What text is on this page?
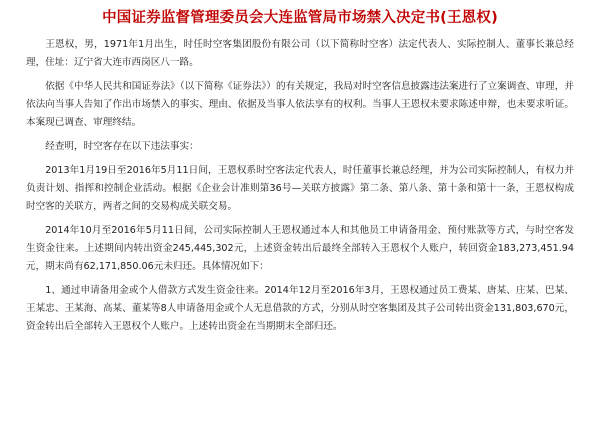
中国证券监督管理委员会大连监管局市场禁入决定书(王恩权)

王恩权，男，1971年1月出生，时任时空客集团股份有限公司（以下简称时空客）法定代表人、实际控制人、董事长兼总经理，住址：辽宁省大连市西岗区八一路。

依据《中华人民共和国证券法》（以下简称《证券法》）的有关规定，我局对时空客信息披露违法案进行了立案调查、审理，并依法向当事人告知了作出市场禁入的事实、理由、依据及当事人依法享有的权利。当事人王恩权未要求陈述申辩，也未要求听证。本案现已调查、审理终结。

经查明，时空客存在以下违法事实：

2013年1月19日至2016年5月11日间，王恩权系时空客法定代表人，时任董事长兼总经理，并为公司实际控制人，有权力并负责计划、指挥和控制企业活动。根据《企业会计准则第36号—关联方披露》第二条、第八条、第十条和第十一条，王恩权构成时空客的关联方，两者之间的交易构成关联交易。

2014年10月至2016年5月11日间，公司实际控制人王恩权通过本人和其他员工申请备用金、预付账款等方式，与时空客发生资金往来。上述期间内转出资金245,445,302元，上述资金转出后最终全部转入王恩权个人账户，转回资金183,273,451.94元，期末尚有62,171,850.06元未归还。具体情况如下：

1、通过申请备用金或个人借款方式发生资金往来。2014年12月至2016年3月，王恩权通过员工费某、唐某、庄某、巴某、王某忠、王某海、高某、董某等8人申请备用金或个人无息借款的方式，分别从时空客集团及其子公司转出资金131,803,670元，资金转出后全部转入王恩权个人账户。上述转出资金在当期期末全部归还。
